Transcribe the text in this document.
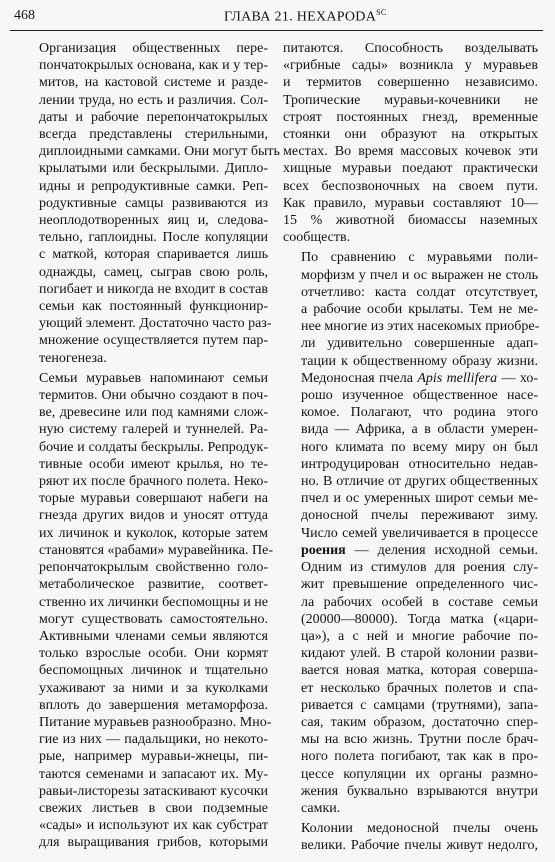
468	ГЛАВА 21. $HEXAPODA^{SC}$

Организация общественных пере-
пончатокрылых основана, как и у тер-
митов, на кастовой системе и разде-
лении труда, но есть и различия. Сол-
даты и рабочие перепончатокрылых
всегда представлены стерильными,
диплоидными самками. Они могут быть
крылатыми или бескрылыми. Дипло-
идны и репродуктивные самки. Реп-
родуктивные самцы развиваются из
неоплодотворенных яиц и, следова-
тельно, гаплоидны. После копуляции
с маткой, которая спаривается лишь
однажды, самец, сыграв свою роль,
погибает и никогда не входит в состав
семьи как постоянный функционир-
ующий элемент. Достаточно часто раз-
множение осуществляется путем пар-
теногенеза.

Семьи муравьев напоминают семьи
термитов. Они обычно создают в поч-
ве, древесине или под камнями слож-
ную систему галерей и туннелей. Ра-
бочие и солдаты бескрылы. Репродук-
тивные особи имеют крылья, но те-
ряют их после брачного полета. Неко-
торые муравьи совершают набеги на
гнезда других видов и уносят оттуда
их личинок и куколок, которые затем
становятся «рабами» муравейника. Пе-
репончатокрылым свойственно голо-
метаболическое развитие, соответ-
ственно их личинки беспомощны и не
могут существовать самостоятельно.
Активными членами семьи являются
только взрослые особи. Они кормят
беспомощных личинок и тщательно
ухаживают за ними и за куколками
вплоть до завершения метаморфоза.
Питание муравьев разнообразно. Мно-
гие из них — падальщики, но некото-
рые, например муравьи-жнецы, пи-
таются семенами и запасают их. Му-
равьи-листорезы затаскивают кусочки
свежих листьев в свои подземные
«сады» и используют их как субстрат
для выращивания грибов, которыми

питаются. Способность возделывать
«грибные сады» возникла у муравьев
и термитов совершенно независимо.
Тропические муравьи-кочевники не
строят постоянных гнезд, временные
стоянки они образуют на открытых
местах. Во время массовых кочевок эти
хищные муравьи поедают практически
всех беспозвоночных на своем пути.
Как правило, муравьи составляют 10—
15 % животной биомассы наземных
сообществ.

По сравнению с муравьями поли-
морфизм у пчел и ос выражен не столь
отчетливо: каста солдат отсутствует,
а рабочие особи крылаты. Тем не ме-
нее многие из этих насекомых приобре-
ли удивительно совершенные адап-
тации к общественному образу жизни.
Медоносная пчела Apis mellifera — хо-
рошо изученное общественное насе-
комое. Полагают, что родина этого
вида — Африка, а в области умерен-
ного климата по всему миру он был
интродуцирован относительно недав-
но. В отличие от других общественных
пчел и ос умеренных широт семьи ме-
доносной пчелы переживают зиму.
Число семей увеличивается в процессе
роения — деления исходной семьи.
Одним из стимулов для роения слу-
жит превышение определенного чис-
ла рабочих особей в составе семьи
(20000—80000). Тогда матка («цари-
ца»), а с ней и многие рабочие по-
кидают улей. В старой колонии разви-
вается новая матка, которая соверша-
ет несколько брачных полетов и спа-
ривается с самцами (трутнями), запа-
сая, таким образом, достаточно спер-
мы на всю жизнь. Трутни после брач-
ного полета погибают, так как в про-
цессе копуляции их органы размно-
жения буквально взрываются внутри
самки.

Колонии медоносной пчелы очень
велики. Рабочие пчелы живут недолго,
